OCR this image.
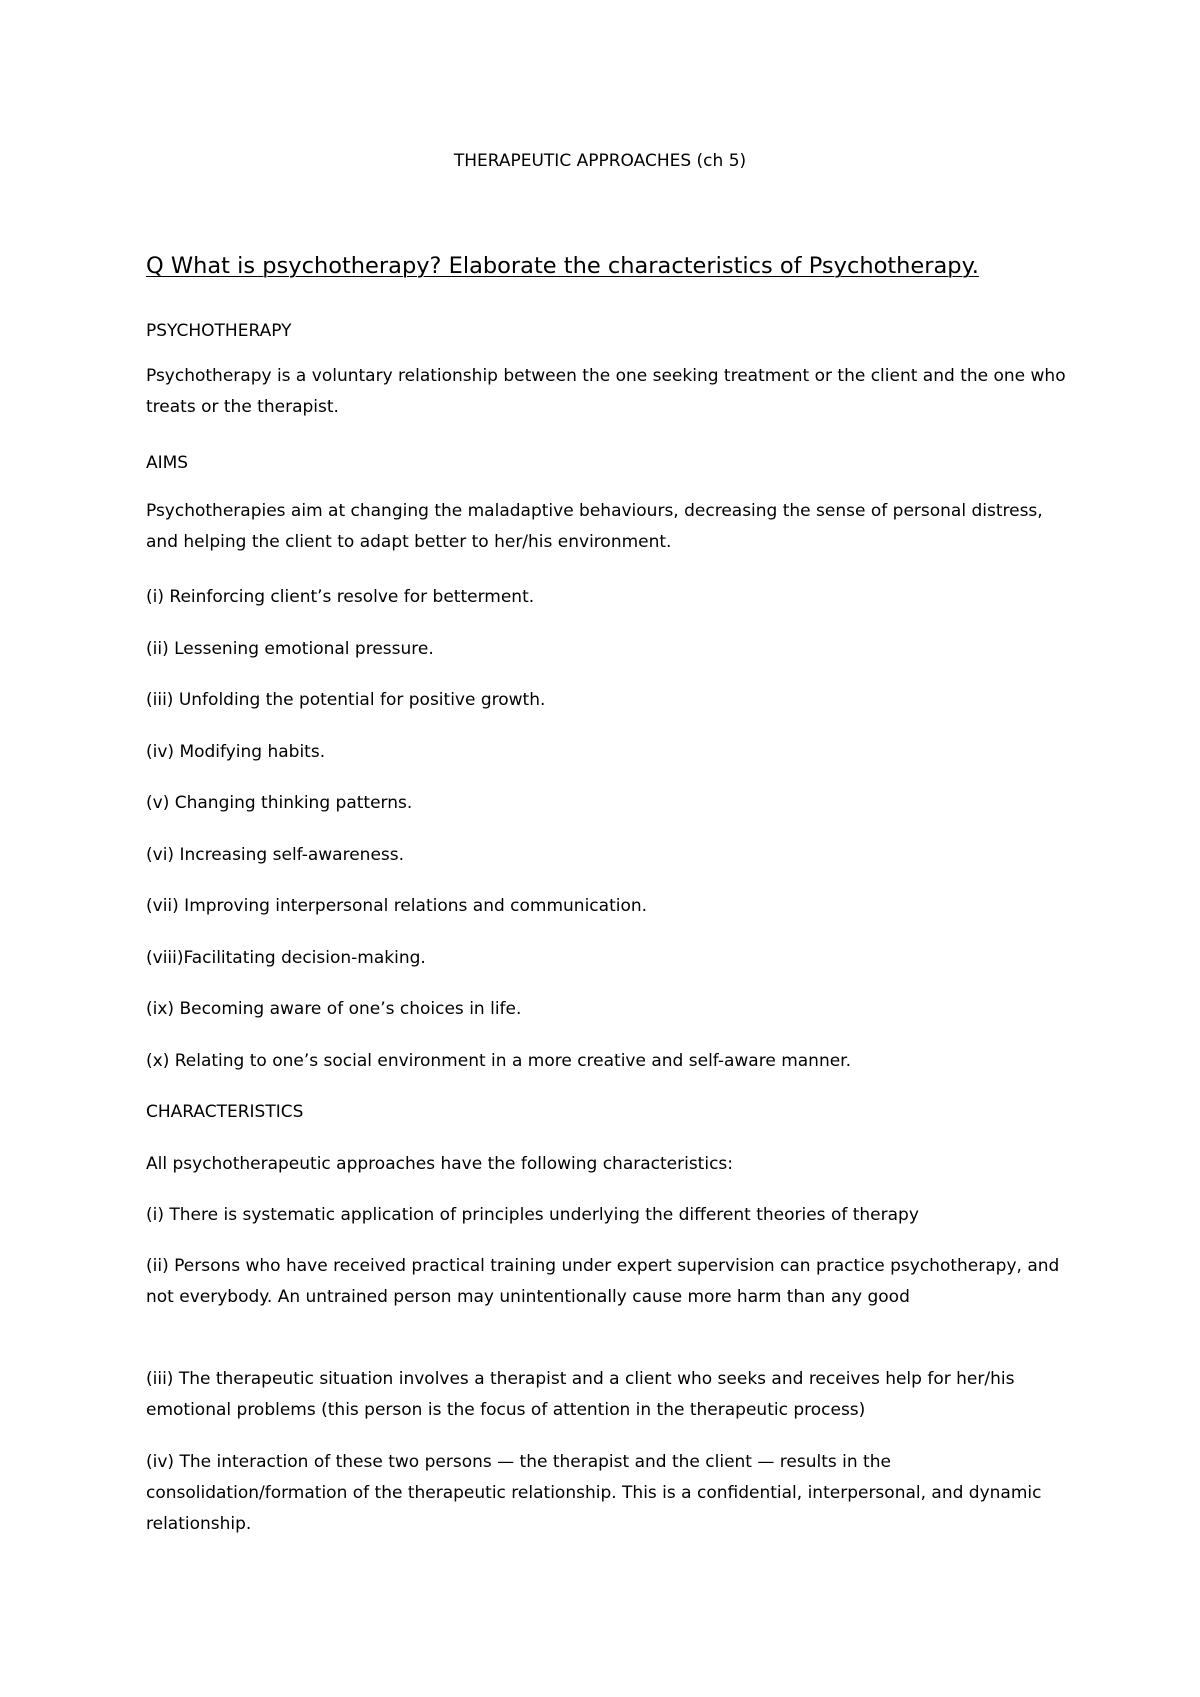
THERAPEUTIC APPROACHES (ch 5)
Q What is psychotherapy? Elaborate the characteristics of Psychotherapy.

PSYCHOTHERAPY

Psychotherapy is a voluntary relationship between the one seeking treatment or the client and the one who treats or the therapist.

AIMS

Psychotherapies aim at changing the maladaptive behaviours, decreasing the sense of personal distress, and helping the client to adapt better to her/his environment.

(i) Reinforcing client’s resolve for betterment.

(ii) Lessening emotional pressure.

(iii) Unfolding the potential for positive growth.

(iv) Modifying habits.

(v) Changing thinking patterns.

(vi) Increasing self-awareness.

(vii) Improving interpersonal relations and communication.

(viii)Facilitating decision-making.

(ix) Becoming aware of one’s choices in life.

(x) Relating to one’s social environment in a more creative and self-aware manner.

CHARACTERISTICS

All psychotherapeutic approaches have the following characteristics:

(i) There is systematic application of principles underlying the different theories of therapy

(ii) Persons who have received practical training under expert supervision can practice psychotherapy, and not everybody. An untrained person may unintentionally cause more harm than any good

(iii) The therapeutic situation involves a therapist and a client who seeks and receives help for her/his emotional problems (this person is the focus of attention in the therapeutic process)

(iv) The interaction of these two persons — the therapist and the client — results in the consolidation/formation of the therapeutic relationship. This is a confidential, interpersonal, and dynamic relationship.
